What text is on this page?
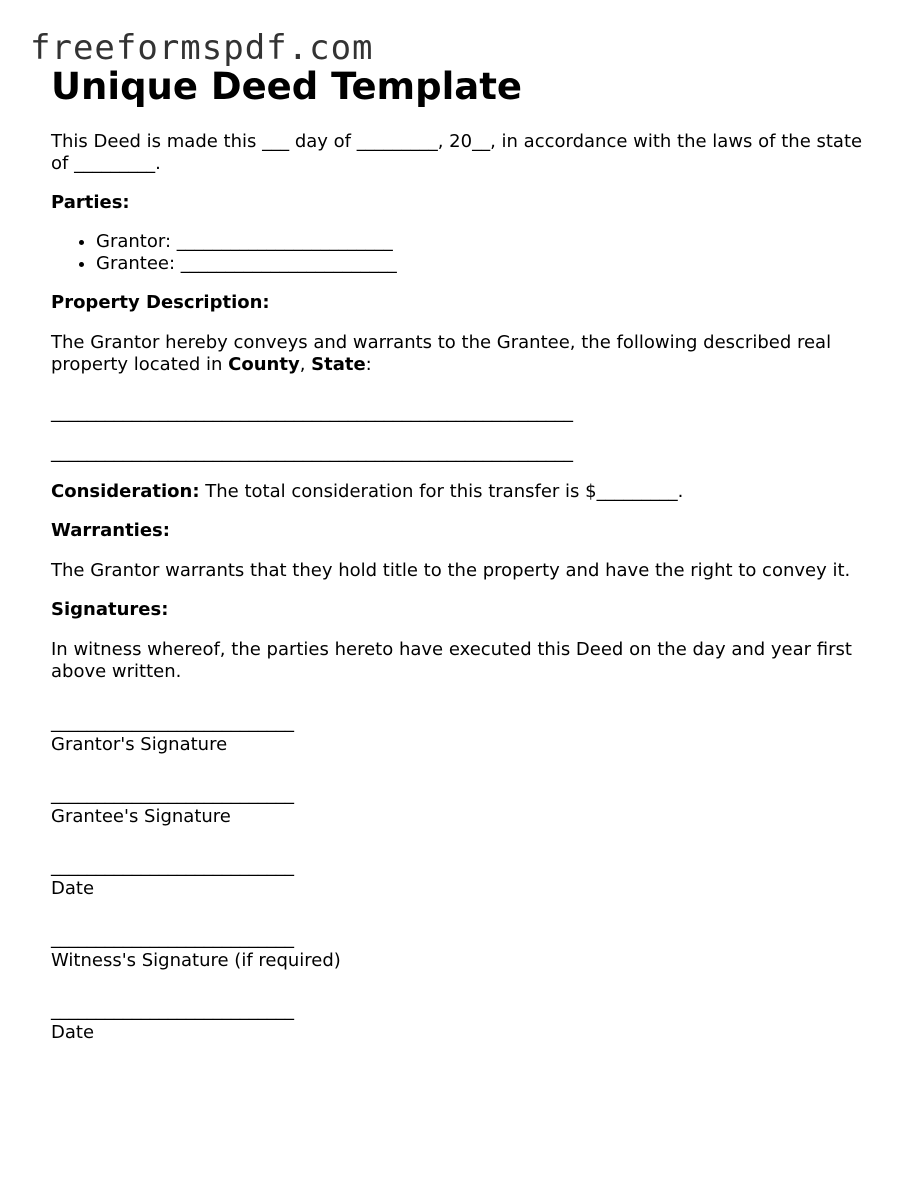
freeformspdf.com
Unique Deed Template

This Deed is made this ___ day of _________, 20__, in accordance with the laws of the state of _________.

Parties:

• Grantor: ________________________
• Grantee: ________________________

Property Description:

The Grantor hereby conveys and warrants to the Grantee, the following described real property located in County, State:

__________________________________________________________

__________________________________________________________

Consideration: The total consideration for this transfer is $_________.

Warranties:

The Grantor warrants that they hold title to the property and have the right to convey it.

Signatures:

In witness whereof, the parties hereto have executed this Deed on the day and year first above written.

___________________________
Grantor's Signature
___________________________
Grantee's Signature
___________________________
Date
___________________________
Witness's Signature (if required)
___________________________
Date
